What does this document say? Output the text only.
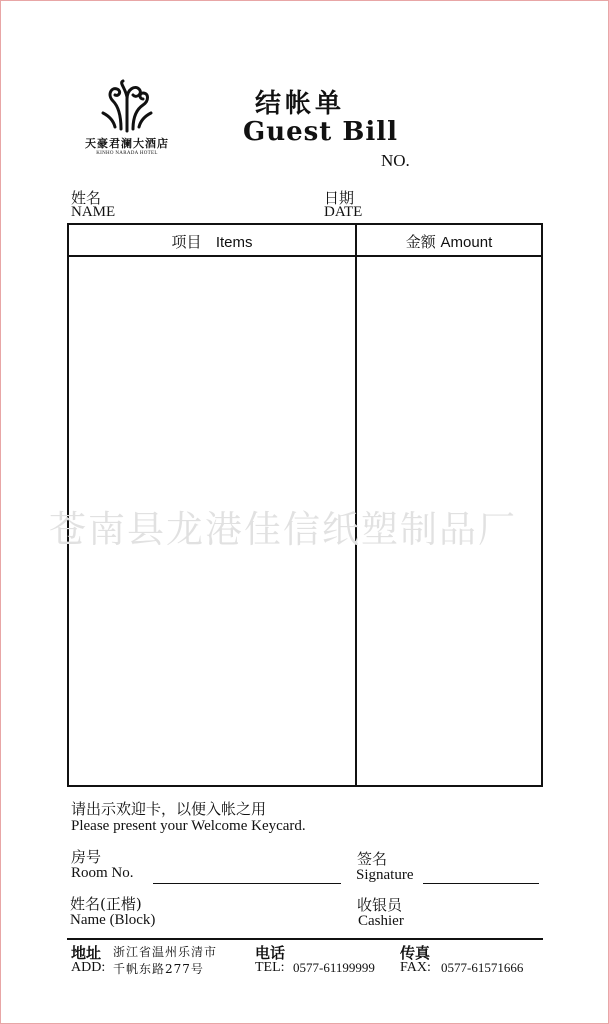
天豪君澜大酒店
KINHO NARADA HOTEL
结帐单
Guest Bill
NO.
姓名
NAME
日期
DATE
项目 Items	金额 Amount
苍南县龙港佳信纸塑制品厂
请出示欢迎卡，以便入帐之用
Please present your Welcome Keycard.
房号
Room No.
签名
Signature
姓名(正楷)
Name (Block)
收银员
Cashier
地址 浙江省温州乐清市
ADD: 千帆东路277号
电话
TEL: 0577-61199999
传真
FAX: 0577-61571666
